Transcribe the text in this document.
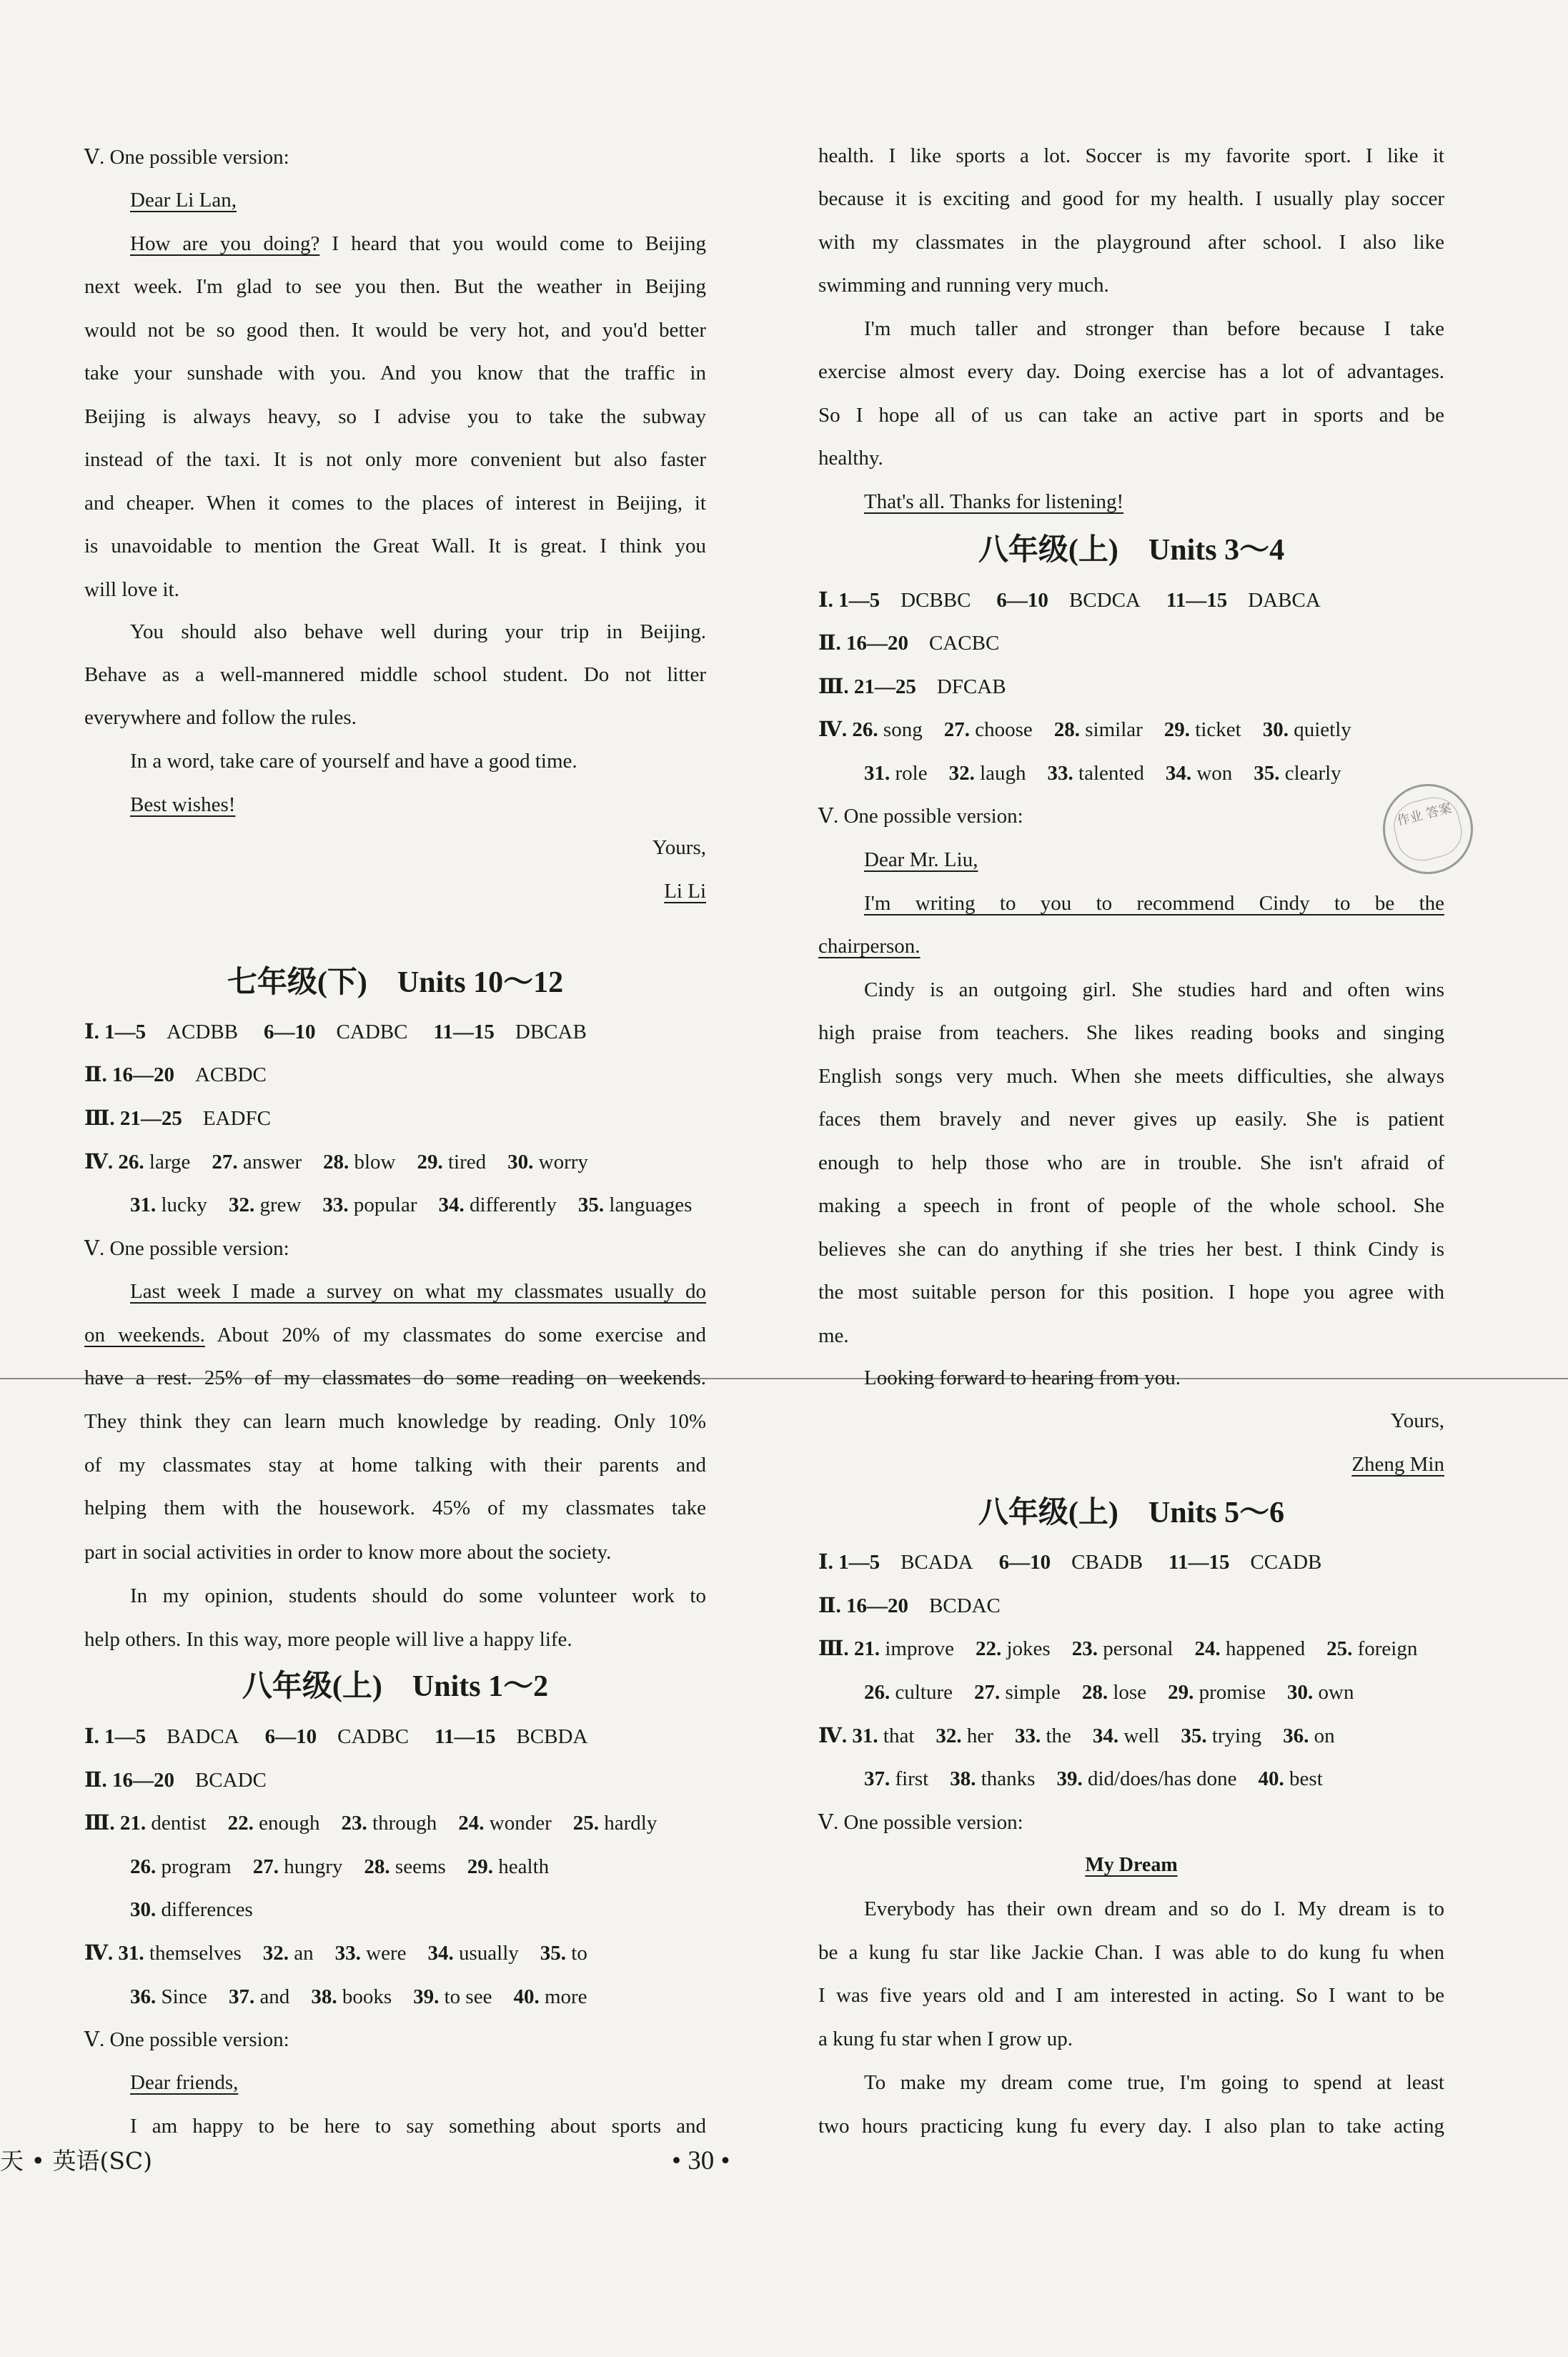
Ⅴ. One possible version:
Dear Li Lan,
How are you doing? I heard that you would come to Beijing
next week. I'm glad to see you then. But the weather in Beijing
would not be so good then. It would be very hot, and you'd better
take your sunshade with you. And you know that the traffic in
Beijing is always heavy, so I advise you to take the subway
instead of the taxi. It is not only more convenient but also faster
and cheaper. When it comes to the places of interest in Beijing, it
is unavoidable to mention the Great Wall. It is great. I think you
will love it.
You should also behave well during your trip in Beijing.
Behave as a well-mannered middle school student. Do not litter
everywhere and follow the rules.
In a word, take care of yourself and have a good time.
Best wishes!
Yours,
Li Li
七年级(下)　Units 10～12
Ⅰ. 1—5　 ACDBB 6—10　 CADBC 11—15　 DBCAB
Ⅱ. 16—20　 ACBDC
Ⅲ. 21—25　 EADFC
Ⅳ. 26. large 27. answer 28. blow 29. tired 30. worry
31. lucky 32. grew 33. popular 34. differently 35. languages
Ⅴ. One possible version:
Last week I made a survey on what my classmates usually do
on weekends. About 20% of my classmates do some exercise and
have a rest. 25% of my classmates do some reading on weekends.
They think they can learn much knowledge by reading. Only 10%
of my classmates stay at home talking with their parents and
helping them with the housework. 45% of my classmates take
part in social activities in order to know more about the society.
In my opinion, students should do some volunteer work to
help others. In this way, more people will live a happy life.
八年级(上)　Units 1～2
Ⅰ. 1—5　 BADCA 6—10　 CADBC 11—15　 BCBDA
Ⅱ. 16—20　 BCADC
Ⅲ. 21. dentist 22. enough 23. through 24. wonder 25. hardly
26. program 27. hungry 28. seems 29. health
30. differences
Ⅳ. 31. themselves 32. an 33. were 34. usually 35. to
36. Since 37. and 38. books 39. to see 40. more
Ⅴ. One possible version:
Dear friends,
I am happy to be here to say something about sports and
health. I like sports a lot. Soccer is my favorite sport. I like it
because it is exciting and good for my health. I usually play soccer
with my classmates in the playground after school. I also like
swimming and running very much.
I'm much taller and stronger than before because I take
exercise almost every day. Doing exercise has a lot of advantages.
So I hope all of us can take an active part in sports and be
healthy.
That's all. Thanks for listening!
八年级(上)　Units 3～4
Ⅰ. 1—5　 DCBBC 6—10　 BCDCA 11—15　 DABCA
Ⅱ. 16—20　 CACBC
Ⅲ. 21—25　 DFCAB
Ⅳ. 26. song 27. choose 28. similar 29. ticket 30. quietly
31. role 32. laugh 33. talented 34. won 35. clearly
Ⅴ. One possible version:
Dear Mr. Liu,
I'm writing to you to recommend Cindy to be the
chairperson.
Cindy is an outgoing girl. She studies hard and often wins
high praise from teachers. She likes reading books and singing
English songs very much. When she meets difficulties, she always
faces them bravely and never gives up easily. She is patient
enough to help those who are in trouble. She isn't afraid of
making a speech in front of people of the whole school. She
believes she can do anything if she tries her best. I think Cindy is
the most suitable person for this position. I hope you agree with
me.
Looking forward to hearing from you.
Yours,
Zheng Min
八年级(上)　Units 5～6
Ⅰ. 1—5　 BCADA 6—10　 CBADB 11—15　 CCADB
Ⅱ. 16—20　 BCDAC
Ⅲ. 21. improve 22. jokes 23. personal 24. happened 25. foreign
26. culture 27. simple 28. lose 29. promise 30. own
Ⅳ. 31. that 32. her 33. the 34. well 35. trying 36. on
37. first 38. thanks 39. did/does/has done 40. best
Ⅴ. One possible version:
My Dream
Everybody has their own dream and so do I. My dream is to
be a kung fu star like Jackie Chan. I was able to do kung fu when
I was five years old and I am interested in acting. So I want to be
a kung fu star when I grow up.
To make my dream come true, I'm going to spend at least
two hours practicing kung fu every day. I also plan to take acting
作业 答案
天 • 英语(SC)	• 30 •
